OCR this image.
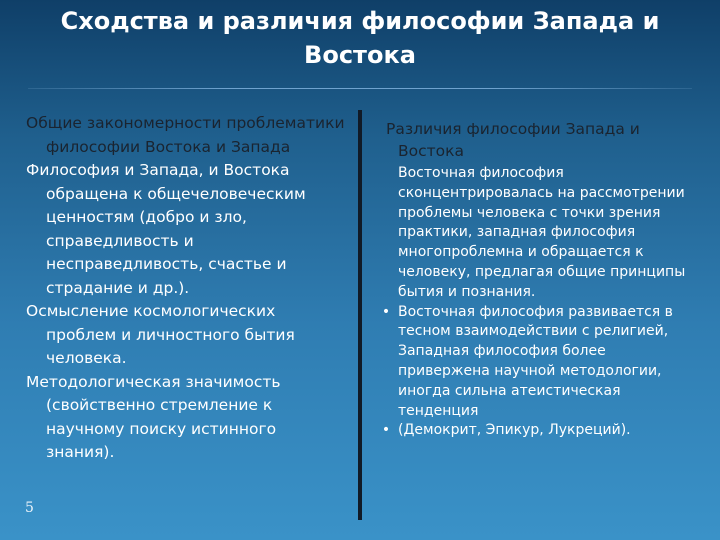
Сходства и различия философии Запада и Востока

Общие закономерности проблематики философии Востока и Запада

Философия и Запада, и Востока обращена к общечеловеческим ценностям (добро и зло, справедливость и несправедливость, счастье и страдание и др.).

Осмысление космологических проблем и личностного бытия человека.

Методологическая значимость (свойственно стремление к научному поиску истинного знания).

Различия философии Запада и Востока

Восточная философия сконцентрировалась на рассмотрении проблемы человека с точки зрения практики, западная философия многопроблемна и обращается к человеку, предлагая общие принципы бытия и познания.
• Восточная философия развивается в тесном взаимодействии с религией, Западная философия более привержена научной методологии, иногда сильна атеистическая тенденция
• (Демокрит, Эпикур, Лукреций).
5
